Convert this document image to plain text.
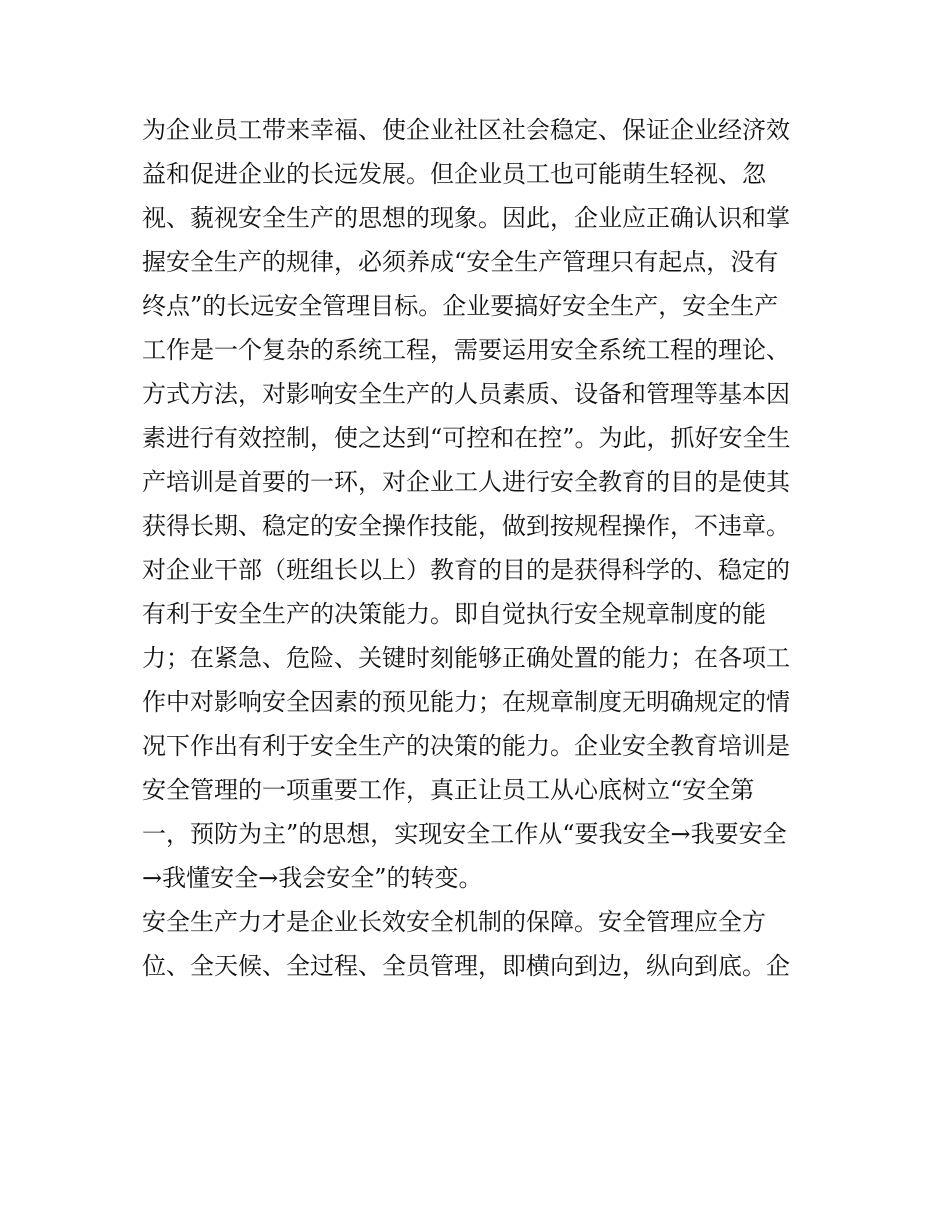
为企业员工带来幸福、使企业社区社会稳定、保证企业经济效
益和促进企业的长远发展。但企业员工也可能萌生轻视、忽
视、藐视安全生产的思想的现象。因此，企业应正确认识和掌
握安全生产的规律，必须养成“安全生产管理只有起点，没有
终点”的长远安全管理目标。企业要搞好安全生产，安全生产
工作是一个复杂的系统工程，需要运用安全系统工程的理论、
方式方法，对影响安全生产的人员素质、设备和管理等基本因
素进行有效控制，使之达到“可控和在控”。为此，抓好安全生
产培训是首要的一环，对企业工人进行安全教育的目的是使其
获得长期、稳定的安全操作技能，做到按规程操作，不违章。
对企业干部（班组长以上）教育的目的是获得科学的、稳定的
有利于安全生产的决策能力。即自觉执行安全规章制度的能
力；在紧急、危险、关键时刻能够正确处置的能力；在各项工
作中对影响安全因素的预见能力；在规章制度无明确规定的情
况下作出有利于安全生产的决策的能力。企业安全教育培训是
安全管理的一项重要工作，真正让员工从心底树立“安全第
一，预防为主”的思想，实现安全工作从“要我安全→我要安全
→我懂安全→我会安全”的转变。
安全生产力才是企业长效安全机制的保障。安全管理应全方
位、全天候、全过程、全员管理，即横向到边，纵向到底。企
